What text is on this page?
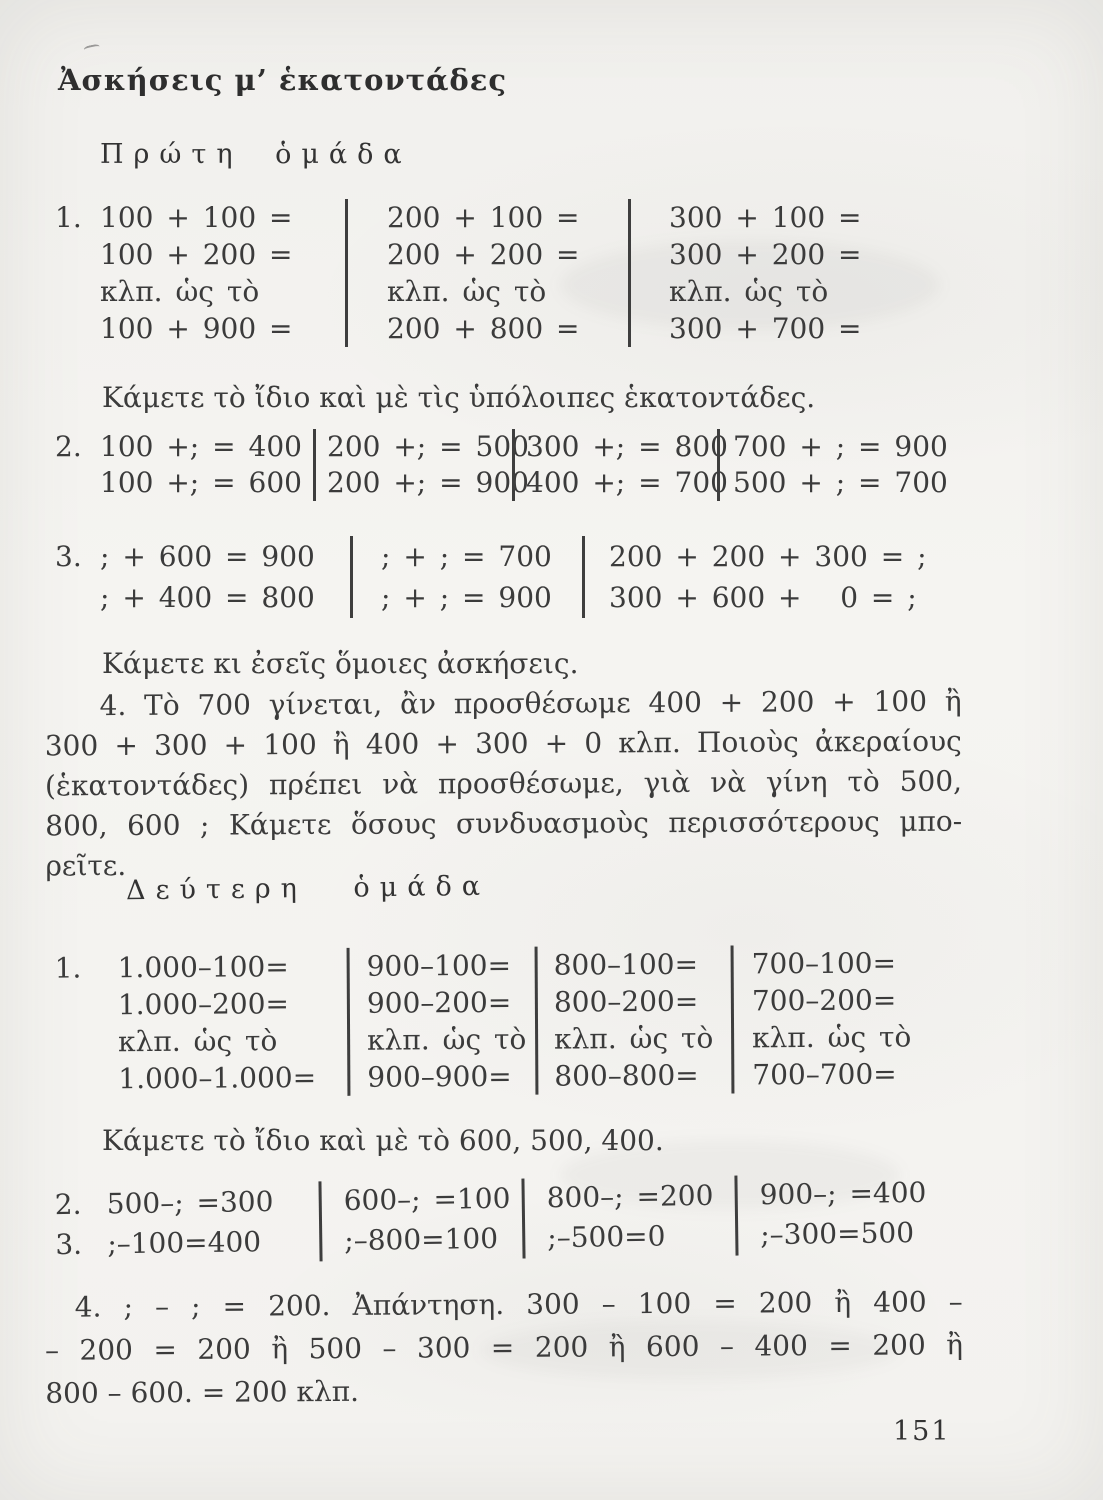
Ἀσκήσεις μ’ ἑκατοντάδες
Πρώτη ὁμάδα
1. 100 + 100 =
100 + 200 =
κλπ. ὡς τὸ
100 + 900 =
200 + 100 =
200 + 200 =
κλπ. ὡς τὸ
200 + 800 =
300 + 100 =
300 + 200 =
κλπ. ὡς τὸ
300 + 700 =
Κάμετε τὸ ἴδιο καὶ μὲ τὶς ὑπόλοιπες ἑκατοντάδες.
2. 100 +; = 400
100 +; = 600
200 +; = 500
200 +; = 900
300 +; = 800
400 +; = 700
700 + ; = 900
500 + ; = 700
3. ; + 600 = 900
; + 400 = 800
; + ; = 700
; + ; = 900
200 + 200 + 300 = ;
300 + 600 +   0 = ;
Κάμετε κι ἐσεῖς ὅμοιες ἀσκήσεις.
4. Τὸ 700 γίνεται, ἂν προσθέσωμε 400 + 200 + 100 ἢ
300 + 300 + 100 ἢ 400 + 300 + 0 κλπ. Ποιοὺς ἀκεραίους
(ἑκατοντάδες) πρέπει νὰ προσθέσωμε, γιὰ νὰ γίνη τὸ 500,
800, 600 ; Κάμετε ὅσους συνδυασμοὺς περισσότερους μπο-
ρεῖτε.
Δεύτερη ὁμάδα
1.	1.000–100=
1.000–200=
κλπ. ὡς τὸ
1.000–1.000=
900–100=
900–200=
κλπ. ὡς τὸ
900–900=
800–100=
800–200=
κλπ. ὡς τὸ
800–800=
700–100=
700–200=
κλπ. ὡς τὸ
700–700=
Κάμετε τὸ ἴδιο καὶ μὲ τὸ 600, 500, 400.
2.
3.
500–; =300
;–100=400
600–; =100
;–800=100
800–; =200
;–500=0
900–; =400
;–300=500
4. ; – ; = 200. Ἀπάντηση. 300 – 100 = 200 ἢ 400 –
– 200 = 200 ἢ 500 – 300 = 200 ἢ 600 – 400 = 200 ἢ
800 – 600. = 200 κλπ.
151
